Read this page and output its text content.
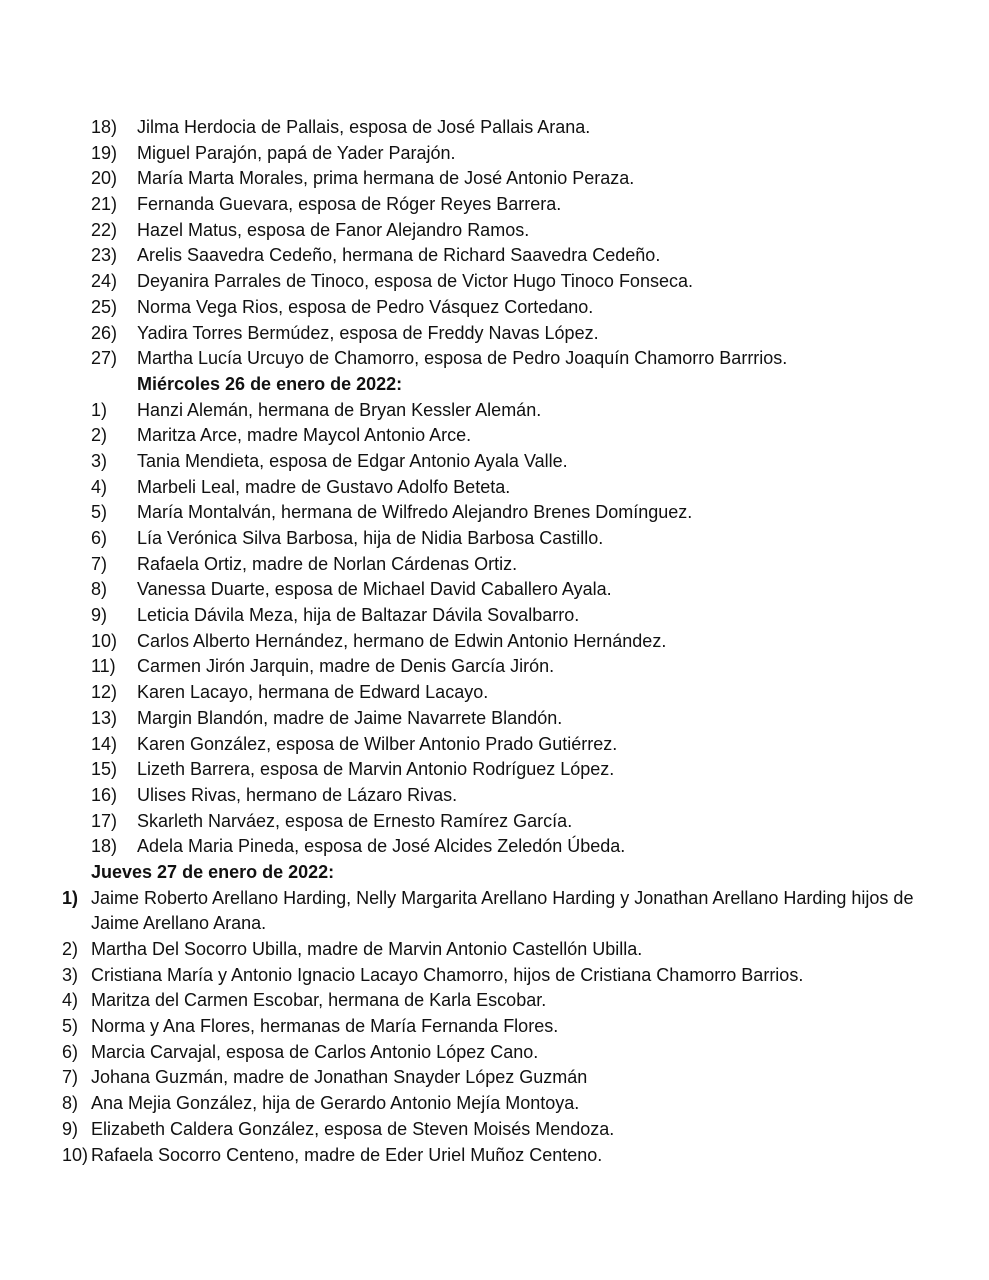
18) Jilma Herdocia de Pallais, esposa de José Pallais Arana.
19) Miguel Parajón, papá de Yader Parajón.
20) María Marta Morales, prima hermana de José Antonio Peraza.
21) Fernanda Guevara, esposa de Róger Reyes Barrera.
22) Hazel Matus, esposa de Fanor Alejandro Ramos.
23) Arelis Saavedra Cedeño, hermana de Richard Saavedra Cedeño.
24) Deyanira Parrales de Tinoco, esposa de Victor Hugo Tinoco Fonseca.
25) Norma Vega Rios, esposa de Pedro Vásquez Cortedano.
26) Yadira Torres Bermúdez, esposa de Freddy Navas López.
27) Martha Lucía Urcuyo de Chamorro, esposa de Pedro Joaquín Chamorro Barrrios.
Miércoles 26 de enero de 2022:
1) Hanzi Alemán, hermana de Bryan Kessler Alemán.
2) Maritza Arce, madre Maycol Antonio Arce.
3) Tania Mendieta, esposa de Edgar Antonio Ayala Valle.
4) Marbeli Leal, madre de Gustavo Adolfo Beteta.
5) María Montalván, hermana de Wilfredo Alejandro Brenes Domínguez.
6) Lía Verónica Silva Barbosa, hija de Nidia Barbosa Castillo.
7) Rafaela Ortiz, madre de Norlan Cárdenas Ortiz.
8) Vanessa Duarte, esposa de Michael David Caballero Ayala.
9) Leticia Dávila Meza, hija de Baltazar Dávila Sovalbarro.
10) Carlos Alberto Hernández, hermano de Edwin Antonio Hernández.
11) Carmen Jirón Jarquin, madre de Denis García Jirón.
12) Karen Lacayo, hermana de Edward Lacayo.
13) Margin Blandón, madre de Jaime Navarrete Blandón.
14) Karen González, esposa de Wilber Antonio Prado Gutiérrez.
15) Lizeth Barrera, esposa de Marvin Antonio Rodríguez López.
16) Ulises Rivas, hermano de Lázaro Rivas.
17) Skarleth Narváez, esposa de Ernesto Ramírez García.
18) Adela Maria Pineda, esposa de José Alcides Zeledón Úbeda.
Jueves 27 de enero de 2022:
1) Jaime Roberto Arellano Harding, Nelly Margarita Arellano Harding y Jonathan Arellano Harding hijos de Jaime Arellano Arana.
2) Martha Del Socorro Ubilla, madre de Marvin Antonio Castellón Ubilla.
3) Cristiana María y Antonio Ignacio Lacayo Chamorro, hijos de Cristiana Chamorro Barrios.
4) Maritza del Carmen Escobar, hermana de Karla Escobar.
5) Norma y Ana Flores, hermanas de María Fernanda Flores.
6) Marcia Carvajal, esposa de Carlos Antonio López Cano.
7) Johana Guzmán, madre de Jonathan Snayder López Guzmán
8) Ana Mejia González, hija de Gerardo Antonio Mejía Montoya.
9) Elizabeth Caldera González, esposa de Steven Moisés Mendoza.
10) Rafaela Socorro Centeno, madre de Eder Uriel Muñoz Centeno.
